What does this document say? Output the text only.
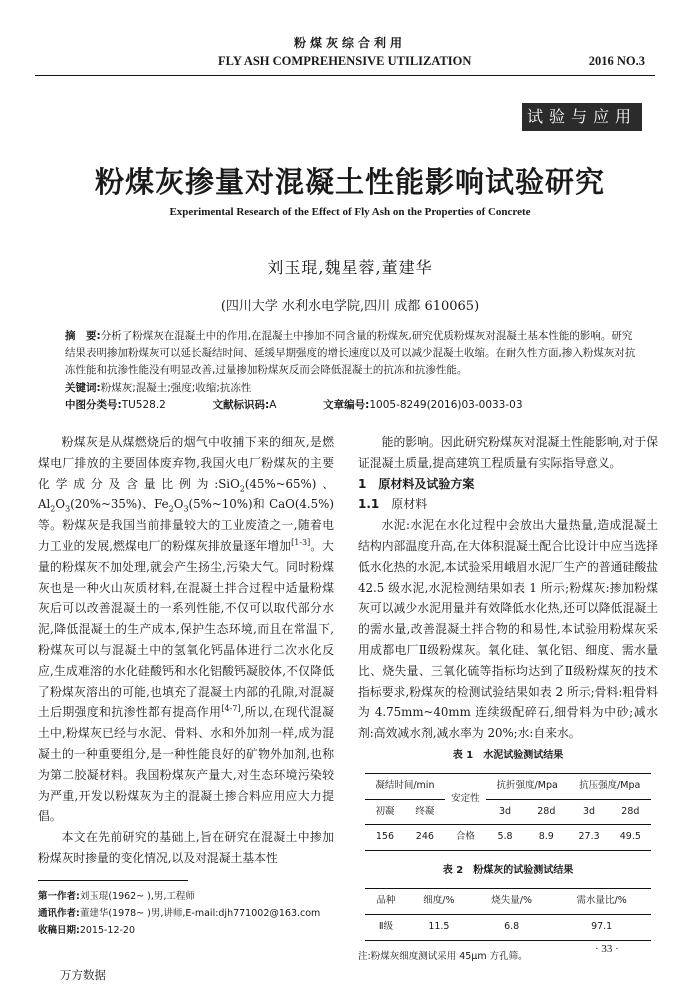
粉煤灰综合利用
FLY ASH COMPREHENSIVE UTILIZATION	2016 NO.3
试验与应用
粉煤灰掺量对混凝土性能影响试验研究
Experimental Research of the Effect of Fly Ash on the Properties of Concrete
刘玉琨,魏星蓉,董建华
(四川大学 水利水电学院,四川 成都 610065)
摘　要:分析了粉煤灰在混凝土中的作用,在混凝土中掺加不同含量的粉煤灰,研究优质粉煤灰对混凝土基本性能的影响。研究结果表明掺加粉煤灰可以延长凝结时间、延缓早期强度的增长速度以及可以减少混凝土收缩。在耐久性方面,掺入粉煤灰对抗冻性能和抗渗性能没有明显改善,过量掺加粉煤灰反而会降低混凝土的抗冻和抗渗性能。
关键词:粉煤灰;混凝土;强度;收缩;抗冻性
中图分类号:TU528.2	文献标识码:A	文章编号:1005-8249(2016)03-0033-03

粉煤灰是从煤燃烧后的烟气中收捕下来的细灰,是燃煤电厂排放的主要固体废弃物,我国火电厂粉煤灰的主要化学成分及含量比例为:SiO$_2$(45%~65%)、$Al_2O_3(20\%\sim 35\%)$、$Fe_2O_3(5\%\sim 10\%)$和 CaO(4.5%)等。粉煤灰是我国当前排量较大的工业废渣之一,随着电力工业的发展,燃煤电厂的粉煤灰排放量逐年增加[1-3]。大量的粉煤灰不加处理,就会产生扬尘,污染大气。同时粉煤灰也是一种火山灰质材料,在混凝土拌合过程中适量粉煤灰后可以改善混凝土的一系列性能,不仅可以取代部分水泥,降低混凝土的生产成本,保护生态环境,而且在常温下,粉煤灰可以与混凝土中的氢氧化钙晶体进行二次水化反应,生成难溶的水化硅酸钙和水化铝酸钙凝胶体,不仅降低了粉煤灰溶出的可能,也填充了混凝土内部的孔隙,对混凝土后期强度和抗渗性都有提高作用[4-7],所以,在现代混凝土中,粉煤灰已经与水泥、骨料、水和外加剂一样,成为混凝土的一种重要组分,是一种性能良好的矿物外加剂,也称为第二胶凝材料。我国粉煤灰产量大,对生态环境污染较为严重,开发以粉煤灰为主的混凝土掺合料应用应大力提倡。

本文在先前研究的基础上,旨在研究在混凝土中掺加粉煤灰时掺量的变化情况,以及对混凝土基本性

能的影响。因此研究粉煤灰对混凝土性能影响,对于保证混凝土质量,提高建筑工程质量有实际指导意义。

1　原材料及试验方案

1.1 原材料

水泥:水泥在水化过程中会放出大量热量,造成混凝土结构内部温度升高,在大体积混凝土配合比设计中应当选择低水化热的水泥,本试验采用峨眉水泥厂生产的普通硅酸盐 42.5 级水泥,水泥检测结果如表 1 所示;粉煤灰:掺加粉煤灰可以减少水泥用量并有效降低水化热,还可以降低混凝土的需水量,改善混凝土拌合物的和易性,本试验用粉煤灰采用成都电厂Ⅱ级粉煤灰。氧化硅、氧化铝、细度、需水量比、烧失量、三氧化硫等指标均达到了Ⅱ级粉煤灰的技术指标要求,粉煤灰的检测试验结果如表 2 所示;骨料:粗骨料为 4.75mm~40mm 连续级配碎石,细骨料为中砂;减水剂:高效减水剂,减水率为 20%;水:自来水。

表 1　水泥试验测试结果
凝结时间/min		安定性	抗折强度/Mpa		抗压强度/Mpa	
初凝	终凝		3d	28d	3d	28d
156	246	合格	5.8	8.9	27.3	49.5
表 2　粉煤灰的试验测试结果
品种	细度/%	烧失量/%	需水量比/%
Ⅱ级	11.5	6.8	97.1
注:粉煤灰细度测试采用 45μm 方孔筛。
第一作者:刘玉琨(1962~ ),男,工程师
通讯作者:董建华(1978~ )男,讲师,E-mail:djh771002@163.com
收稿日期:2015-12-20
· 33 ·
万方数据
